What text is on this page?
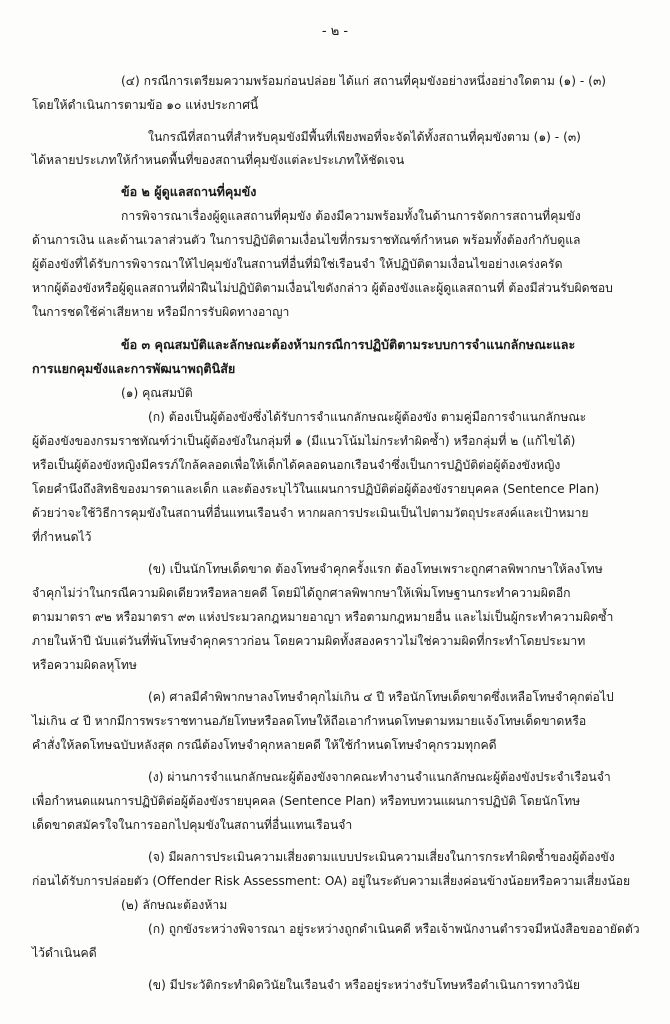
- ๒ -
(๔) กรณีการเตรียมความพร้อมก่อนปล่อย ได้แก่ สถานที่คุมขังอย่างหนึ่งอย่างใดตาม (๑) - (๓)
โดยให้ดำเนินการตามข้อ ๑๐ แห่งประกาศนี้
ในกรณีที่สถานที่สำหรับคุมขังมีพื้นที่เพียงพอที่จะจัดได้ทั้งสถานที่คุมขังตาม (๑) - (๓)
ได้หลายประเภทให้กำหนดพื้นที่ของสถานที่คุมขังแต่ละประเภทให้ชัดเจน
ข้อ ๒ ผู้ดูแลสถานที่คุมขัง
การพิจารณาเรื่องผู้ดูแลสถานที่คุมขัง ต้องมีความพร้อมทั้งในด้านการจัดการสถานที่คุมขัง
ด้านการเงิน และด้านเวลาส่วนตัว ในการปฏิบัติตามเงื่อนไขที่กรมราชทัณฑ์กำหนด พร้อมทั้งต้องกำกับดูแล
ผู้ต้องขังที่ได้รับการพิจารณาให้ไปคุมขังในสถานที่อื่นที่มิใช่เรือนจำ ให้ปฏิบัติตามเงื่อนไขอย่างเคร่งครัด
หากผู้ต้องขังหรือผู้ดูแลสถานที่ฝ่าฝืนไม่ปฏิบัติตามเงื่อนไขดังกล่าว ผู้ต้องขังและผู้ดูแลสถานที่ ต้องมีส่วนรับผิดชอบ
ในการชดใช้ค่าเสียหาย หรือมีการรับผิดทางอาญา
ข้อ ๓ คุณสมบัติและลักษณะต้องห้ามกรณีการปฏิบัติตามระบบการจำแนกลักษณะและ
การแยกคุมขังและการพัฒนาพฤตินิสัย
(๑) คุณสมบัติ
(ก) ต้องเป็นผู้ต้องขังซึ่งได้รับการจำแนกลักษณะผู้ต้องขัง ตามคู่มือการจำแนกลักษณะ
ผู้ต้องขังของกรมราชทัณฑ์ว่าเป็นผู้ต้องขังในกลุ่มที่ ๑ (มีแนวโน้มไม่กระทำผิดซ้ำ) หรือกลุ่มที่ ๒ (แก้ไขได้)
หรือเป็นผู้ต้องขังหญิงมีครรภ์ใกล้คลอดเพื่อให้เด็กได้คลอดนอกเรือนจำซึ่งเป็นการปฏิบัติต่อผู้ต้องขังหญิง
โดยคำนึงถึงสิทธิของมารดาและเด็ก และต้องระบุไว้ในแผนการปฏิบัติต่อผู้ต้องขังรายบุคคล (Sentence Plan)
ด้วยว่าจะใช้วิธีการคุมขังในสถานที่อื่นแทนเรือนจำ หากผลการประเมินเป็นไปตามวัตถุประสงค์และเป้าหมาย
ที่กำหนดไว้
(ข) เป็นนักโทษเด็ดขาด ต้องโทษจำคุกครั้งแรก ต้องโทษเพราะถูกศาลพิพากษาให้ลงโทษ
จำคุกไม่ว่าในกรณีความผิดเดียวหรือหลายคดี โดยมิได้ถูกศาลพิพากษาให้เพิ่มโทษฐานกระทำความผิดอีก
ตามมาตรา ๙๒ หรือมาตรา ๙๓ แห่งประมวลกฎหมายอาญา หรือตามกฎหมายอื่น และไม่เป็นผู้กระทำความผิดซ้ำ
ภายในห้าปี นับแต่วันที่พ้นโทษจำคุกคราวก่อน โดยความผิดทั้งสองคราวไม่ใช่ความผิดที่กระทำโดยประมาท
หรือความผิดลหุโทษ
(ค) ศาลมีคำพิพากษาลงโทษจำคุกไม่เกิน ๔ ปี หรือนักโทษเด็ดขาดซึ่งเหลือโทษจำคุกต่อไป
ไม่เกิน ๔ ปี หากมีการพระราชทานอภัยโทษหรือลดโทษให้ถือเอากำหนดโทษตามหมายแจ้งโทษเด็ดขาดหรือ
คำสั่งให้ลดโทษฉบับหลังสุด กรณีต้องโทษจำคุกหลายคดี ให้ใช้กำหนดโทษจำคุกรวมทุกคดี
(ง) ผ่านการจำแนกลักษณะผู้ต้องขังจากคณะทำงานจำแนกลักษณะผู้ต้องขังประจำเรือนจำ
เพื่อกำหนดแผนการปฏิบัติต่อผู้ต้องขังรายบุคคล (Sentence Plan) หรือทบทวนแผนการปฏิบัติ โดยนักโทษ
เด็ดขาดสมัครใจในการออกไปคุมขังในสถานที่อื่นแทนเรือนจำ
(จ) มีผลการประเมินความเสี่ยงตามแบบประเมินความเสี่ยงในการกระทำผิดซ้ำของผู้ต้องขัง
ก่อนได้รับการปล่อยตัว (Offender Risk Assessment: OA) อยู่ในระดับความเสี่ยงค่อนข้างน้อยหรือความเสี่ยงน้อย
(๒) ลักษณะต้องห้าม
(ก) ถูกขังระหว่างพิจารณา อยู่ระหว่างถูกดำเนินคดี หรือเจ้าพนักงานตำรวจมีหนังสือขออายัดตัว
ไว้ดำเนินคดี
(ข) มีประวัติกระทำผิดวินัยในเรือนจำ หรืออยู่ระหว่างรับโทษหรือดำเนินการทางวินัย
